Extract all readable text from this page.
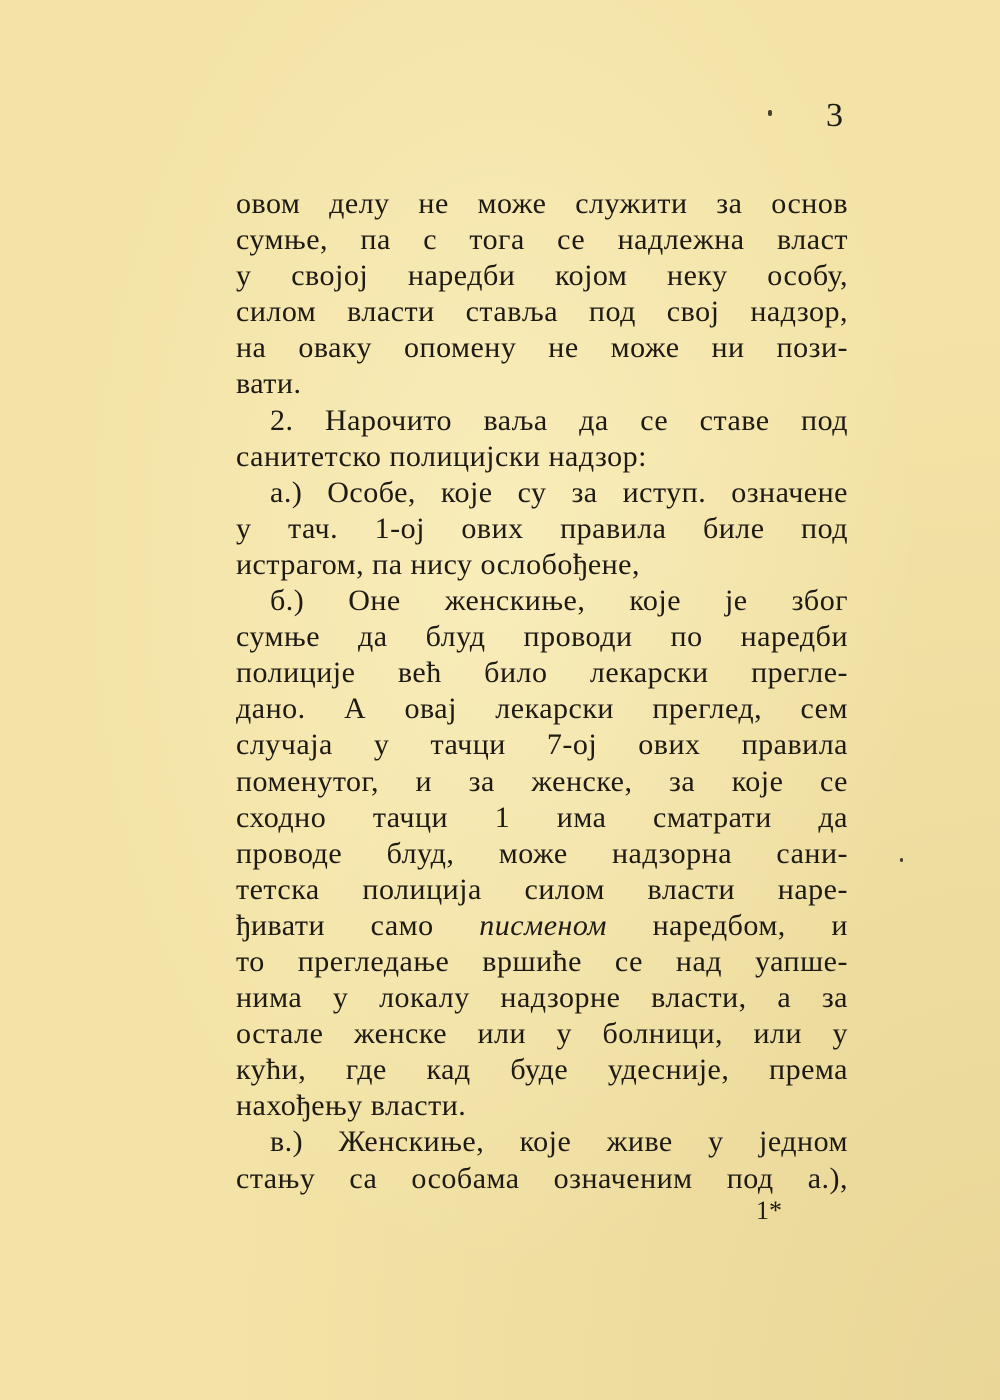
3
овом делу не може служити за основ
сумње, па с тога се надлежна власт
у својој наредби којом неку особу,
силом власти ставља под свој надзор,
на оваку опомену не може ни пози-
вати.
2. Нарочито ваља да се ставе под
санитетско полицијски надзор:
а.) Особе, које су за иступ. означене
у тач. 1-ој ових правила биле под
истрагом, па нису ослобођене,
б.) Оне женскиње, које је због
сумње да блуд проводи по наредби
полиције већ било лекарски прегле-
дано. А овај лекарски преглед, сем
случаја у тачци 7-ој ових правила
поменутог, и за женске, за које се
сходно тачци 1 има сматрати да
проводе блуд, може надзорна сани-
тетска полиција силом власти наре-
ђивати само писменом наредбом, и
то прегледање вршиће се над уапше-
нима у локалу надзорне власти, а за
остале женске или у болници, или у
кући, где кад буде удесније, према
нахођењу власти.
в.) Женскиње, које живе у једном
стању са особама означеним под а.),
1*
